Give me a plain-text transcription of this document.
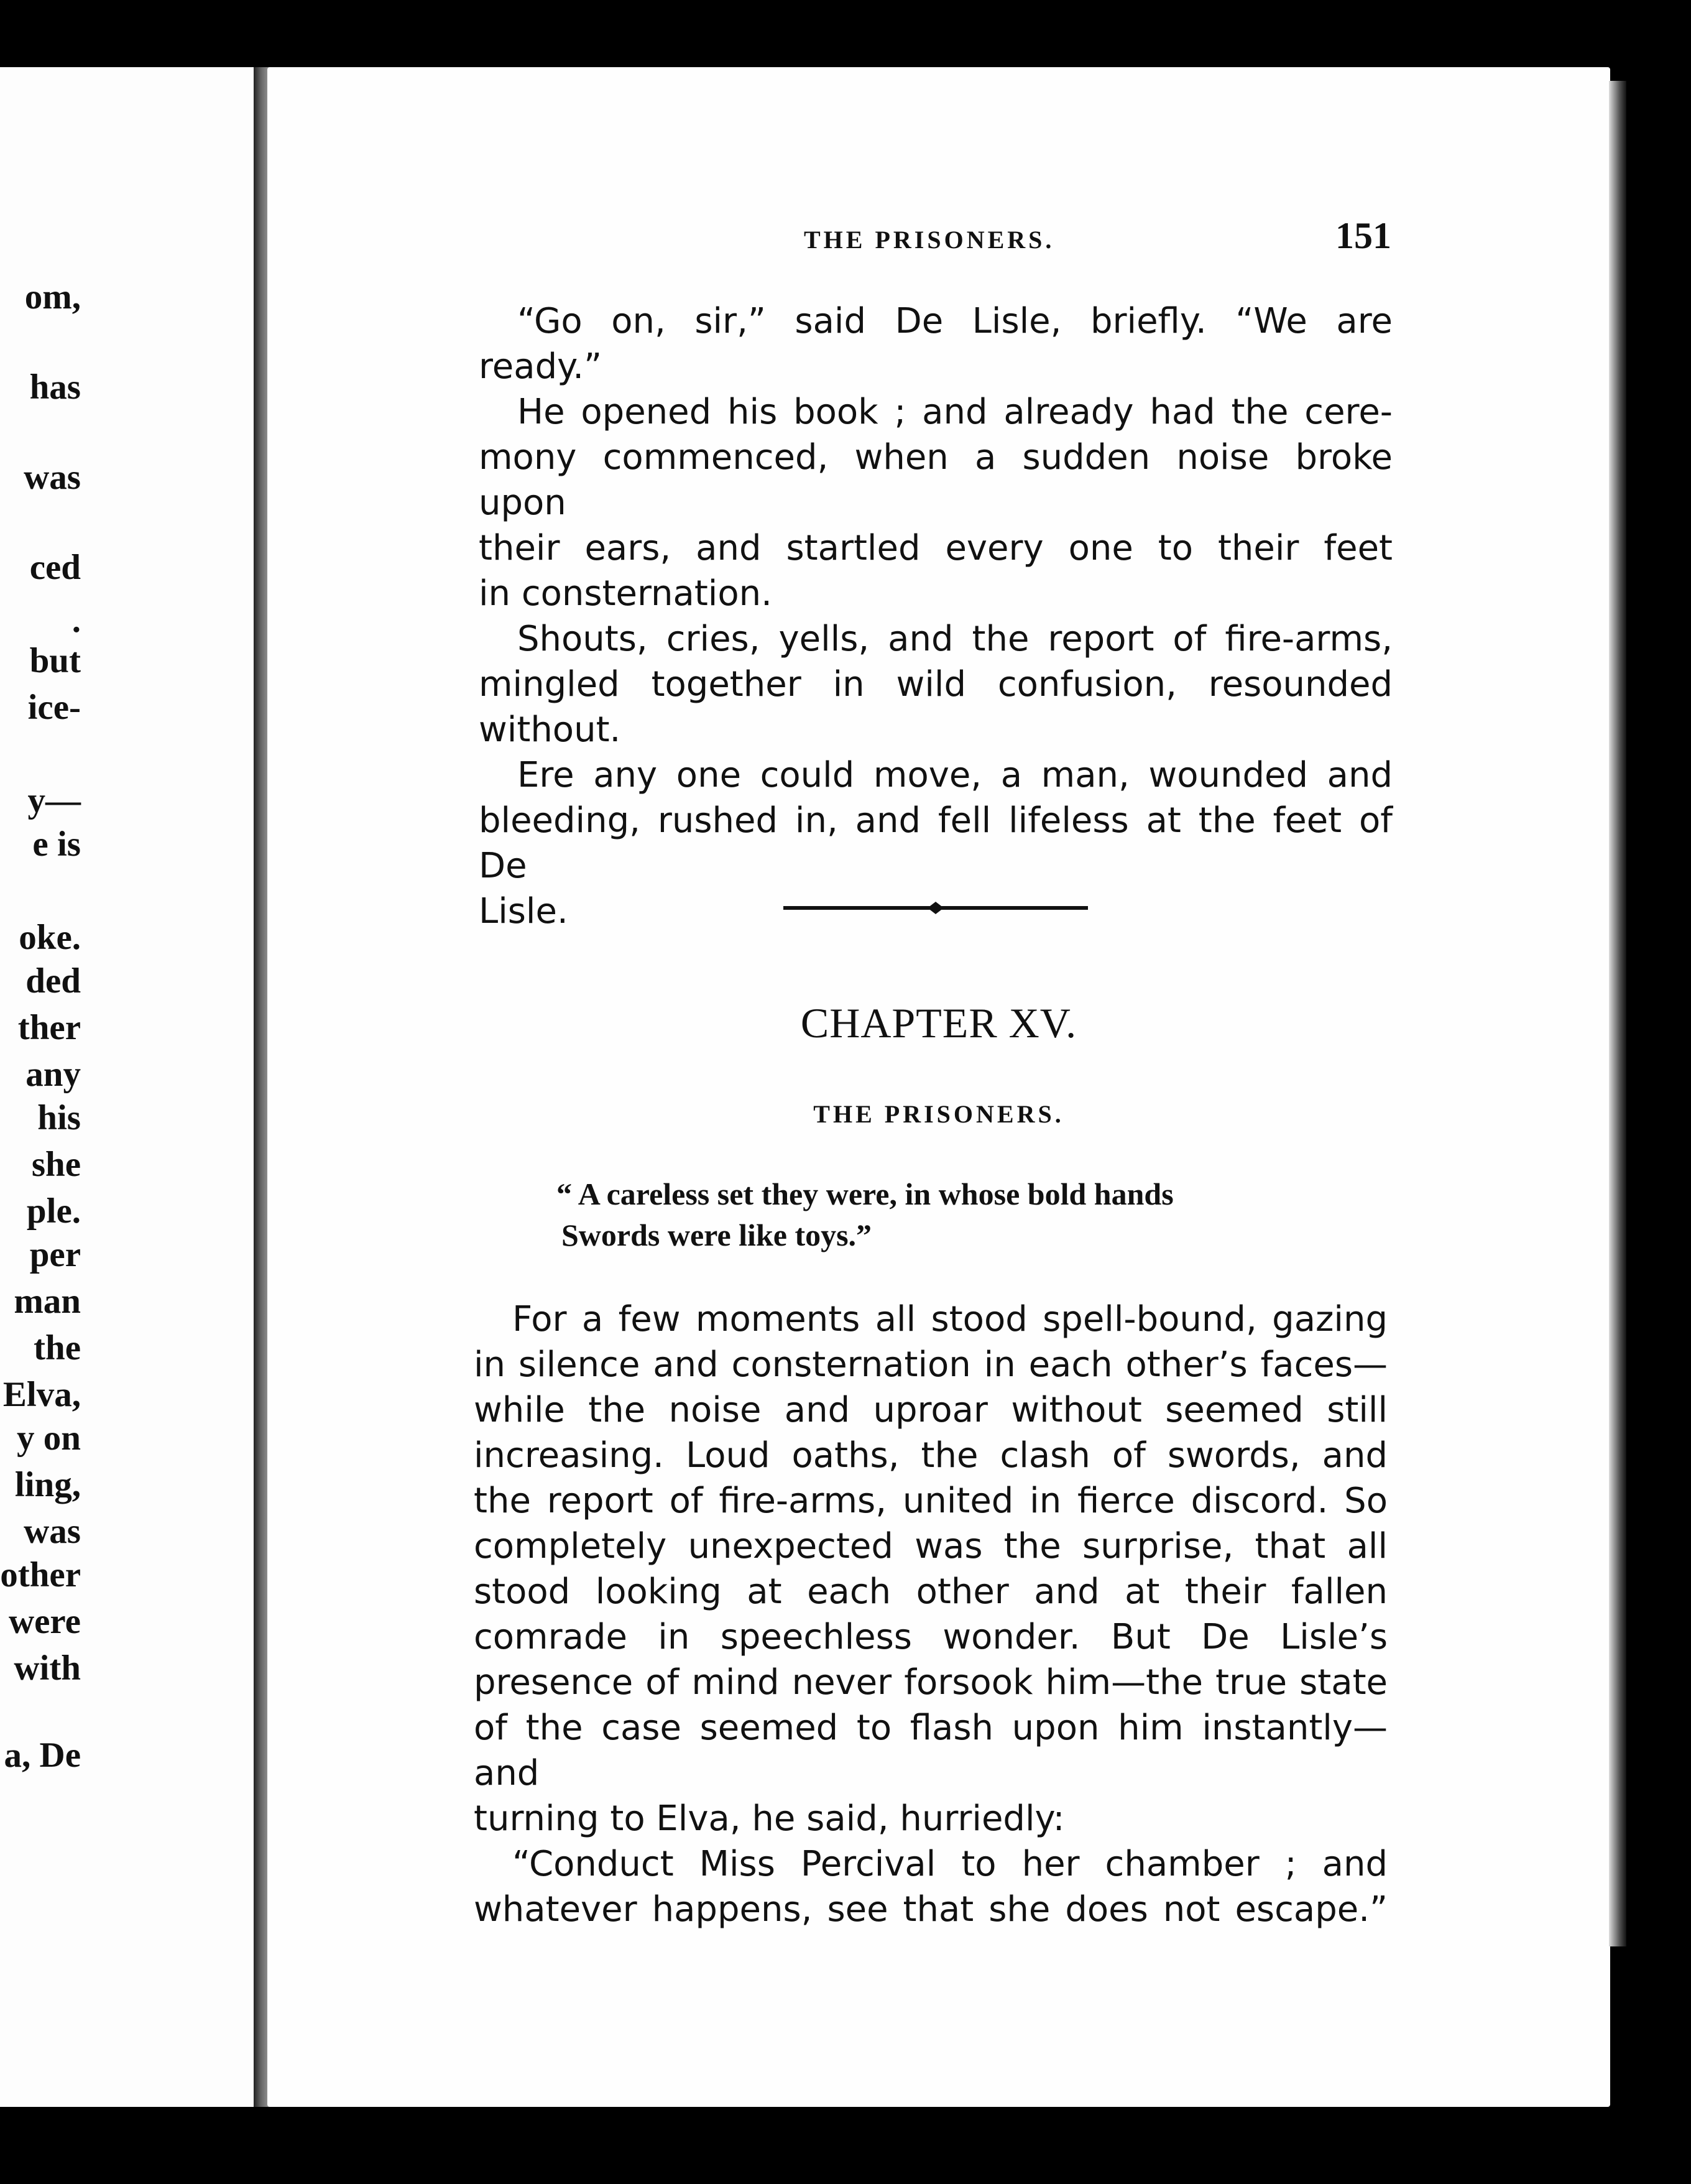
om,
has
was
ced
.
but
ice-
y—
e is
oke.
ded
ther
any
his
she
ple.
per
man
the
Elva,
y on
ling,
was
other
were
with
a, De
THE PRISONERS.	151
“Go on, sir,” said De Lisle, briefly. “We are
ready.”
He opened his book ; and already had the cere-
mony commenced, when a sudden noise broke upon
their ears, and startled every one to their feet
in consternation.
Shouts, cries, yells, and the report of fire-arms,
mingled together in wild confusion, resounded
without.
Ere any one could move, a man, wounded and
bleeding, rushed in, and fell lifeless at the feet of De
Lisle.
CHAPTER XV.
THE PRISONERS.
“ A careless set they were, in whose bold hands
Swords were like toys.”
For a few moments all stood spell-bound, gazing
in silence and consternation in each other’s faces—
while the noise and uproar without seemed still
increasing. Loud oaths, the clash of swords, and
the report of fire-arms, united in fierce discord. So
completely unexpected was the surprise, that all
stood looking at each other and at their fallen
comrade in speechless wonder. But De Lisle’s
presence of mind never forsook him—the true state
of the case seemed to flash upon him instantly—and
turning to Elva, he said, hurriedly:
“Conduct Miss Percival to her chamber ; and
whatever happens, see that she does not escape.”
